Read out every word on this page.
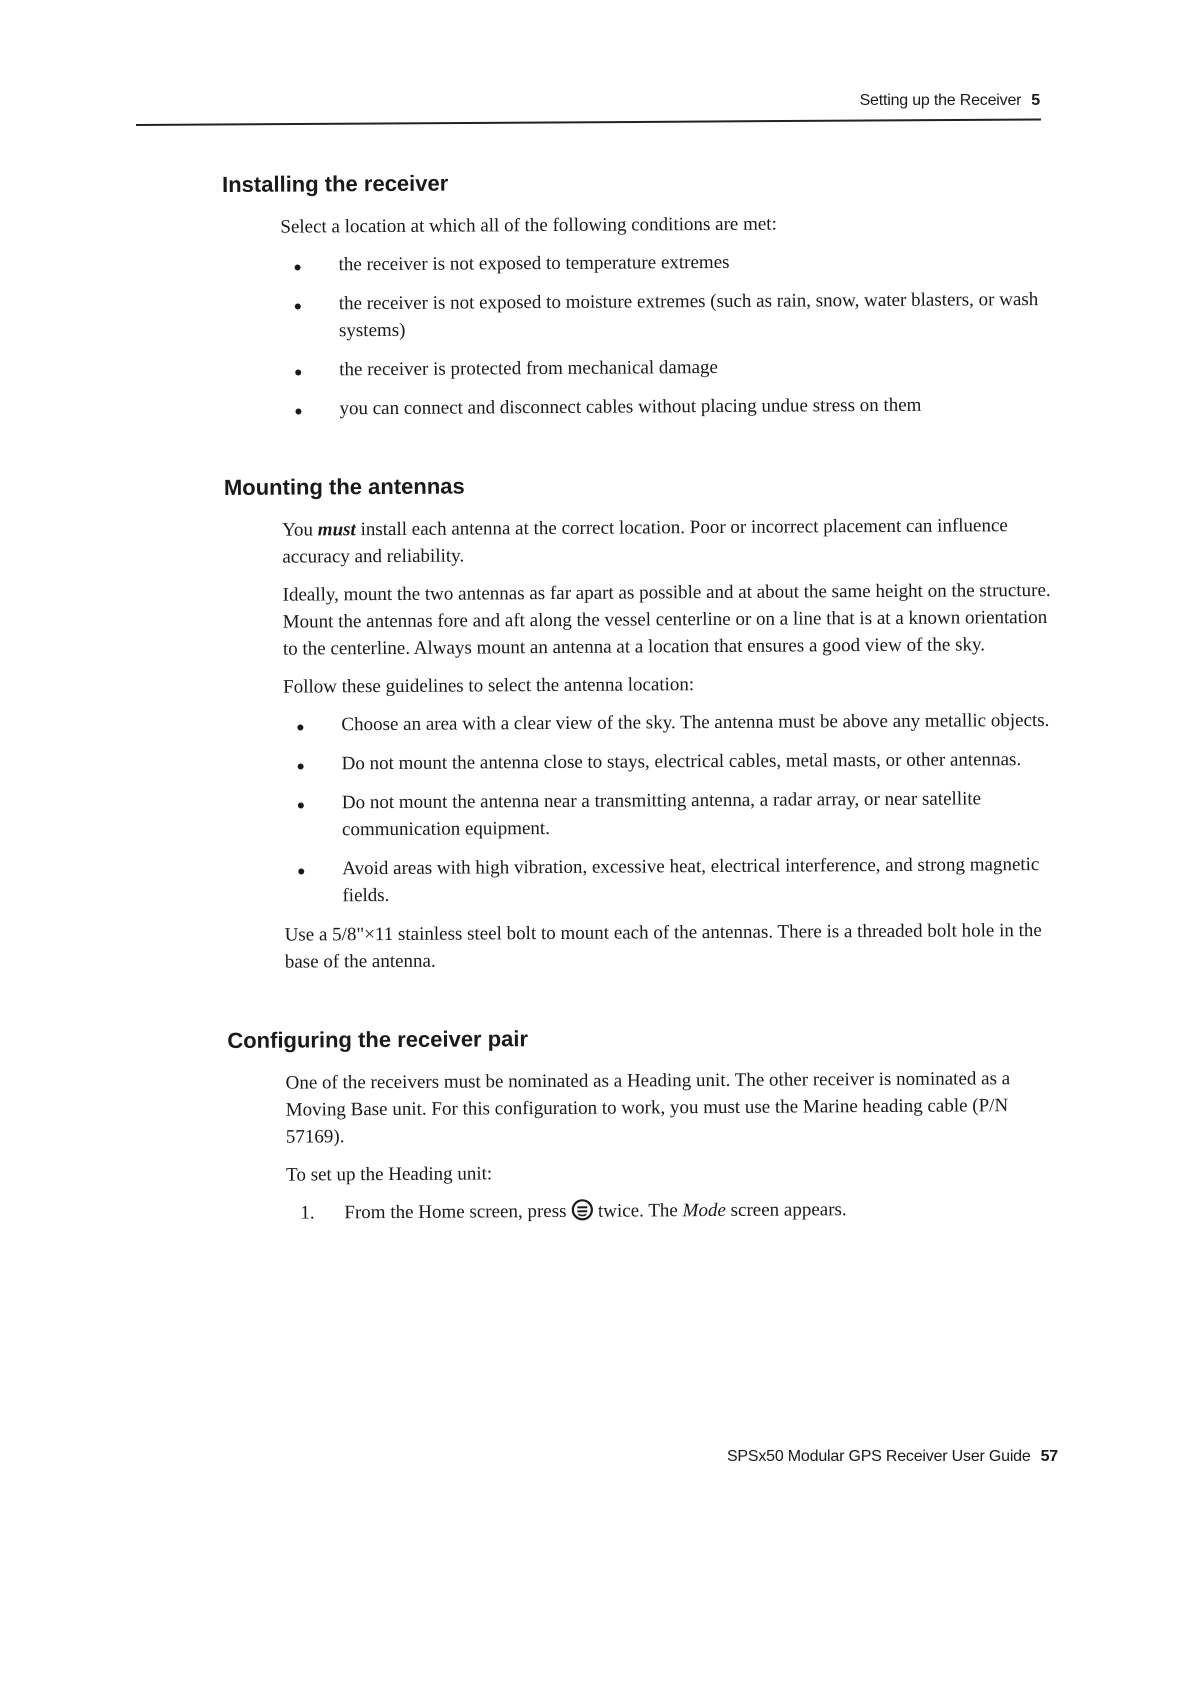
Setting up the Receiver 5
Installing the receiver

Select a location at which all of the following conditions are met:

the receiver is not exposed to temperature extremes
the receiver is not exposed to moisture extremes (such as rain, snow, water blasters, or wash systems)
the receiver is protected from mechanical damage
you can connect and disconnect cables without placing undue stress on them
Mounting the antennas

You must install each antenna at the correct location. Poor or incorrect placement can influence accuracy and reliability.

Ideally, mount the two antennas as far apart as possible and at about the same height on the structure. Mount the antennas fore and aft along the vessel centerline or on a line that is at a known orientation to the centerline. Always mount an antenna at a location that ensures a good view of the sky.

Follow these guidelines to select the antenna location:

Choose an area with a clear view of the sky. The antenna must be above any metallic objects.
Do not mount the antenna close to stays, electrical cables, metal masts, or other antennas.
Do not mount the antenna near a transmitting antenna, a radar array, or near satellite communication equipment.
Avoid areas with high vibration, excessive heat, electrical interference, and strong magnetic fields.

Use a 5/8"×11 stainless steel bolt to mount each of the antennas. There is a threaded bolt hole in the base of the antenna.

Configuring the receiver pair

One of the receivers must be nominated as a Heading unit. The other receiver is nominated as a Moving Base unit. For this configuration to work, you must use the Marine heading cable (P/N 57169).

To set up the Heading unit:

1. From the Home screen, press  twice. The Mode screen appears.
SPSx50 Modular GPS Receiver User Guide 57
